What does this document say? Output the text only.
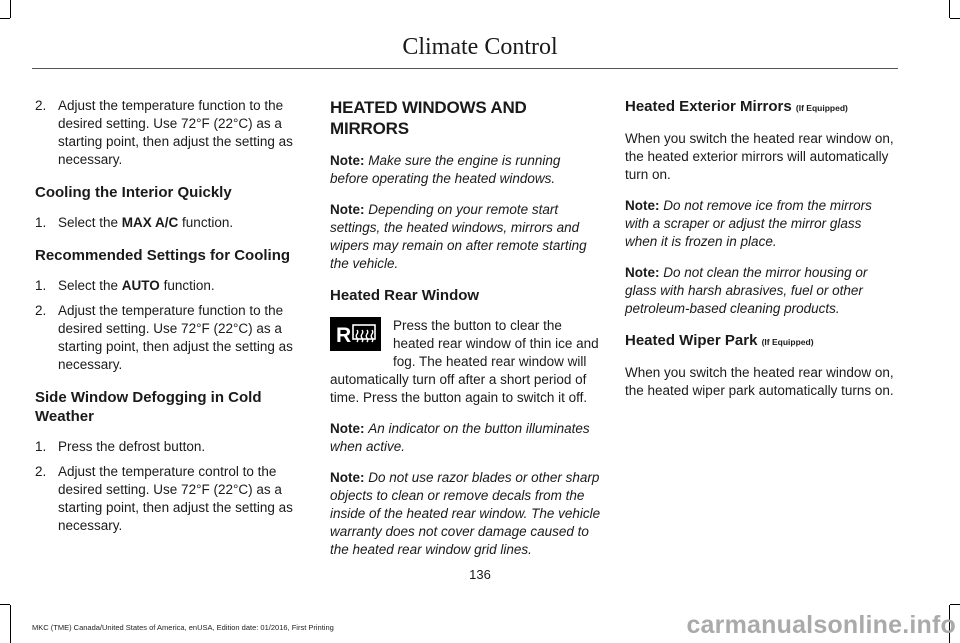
Climate Control
2. Adjust the temperature function to the desired setting. Use 72°F (22°C) as a starting point, then adjust the setting as necessary.
Cooling the Interior Quickly
1. Select the MAX A/C function.
Recommended Settings for Cooling
1. Select the AUTO function.
2. Adjust the temperature function to the desired setting. Use 72°F (22°C) as a starting point, then adjust the setting as necessary.
Side Window Defogging in Cold Weather
1. Press the defrost button.
2. Adjust the temperature control to the desired setting. Use 72°F (22°C) as a starting point, then adjust the setting as necessary.
HEATED WINDOWS AND MIRRORS

Note: Make sure the engine is running before operating the heated windows.

Note: Depending on your remote start settings, the heated windows, mirrors and wipers may remain on after remote starting the vehicle.

Heated Rear Window

R	Press the button to clear the heated rear window of thin ice and fog. The heated rear window will automatically turn off after a short period of time. Press the button again to switch it off.

Note: An indicator on the button illuminates when active.

Note: Do not use razor blades or other sharp objects to clean or remove decals from the inside of the heated rear window. The vehicle warranty does not cover damage caused to the heated rear window grid lines.

Heated Exterior Mirrors (If Equipped)

When you switch the heated rear window on, the heated exterior mirrors will automatically turn on.

Note: Do not remove ice from the mirrors with a scraper or adjust the mirror glass when it is frozen in place.

Note: Do not clean the mirror housing or glass with harsh abrasives, fuel or other petroleum-based cleaning products.

Heated Wiper Park (If Equipped)

When you switch the heated rear window on, the heated wiper park automatically turns on.

136
MKC (TME) Canada/United States of America, enUSA, Edition date: 01/2016, First Printing	carmanualsonline.info
